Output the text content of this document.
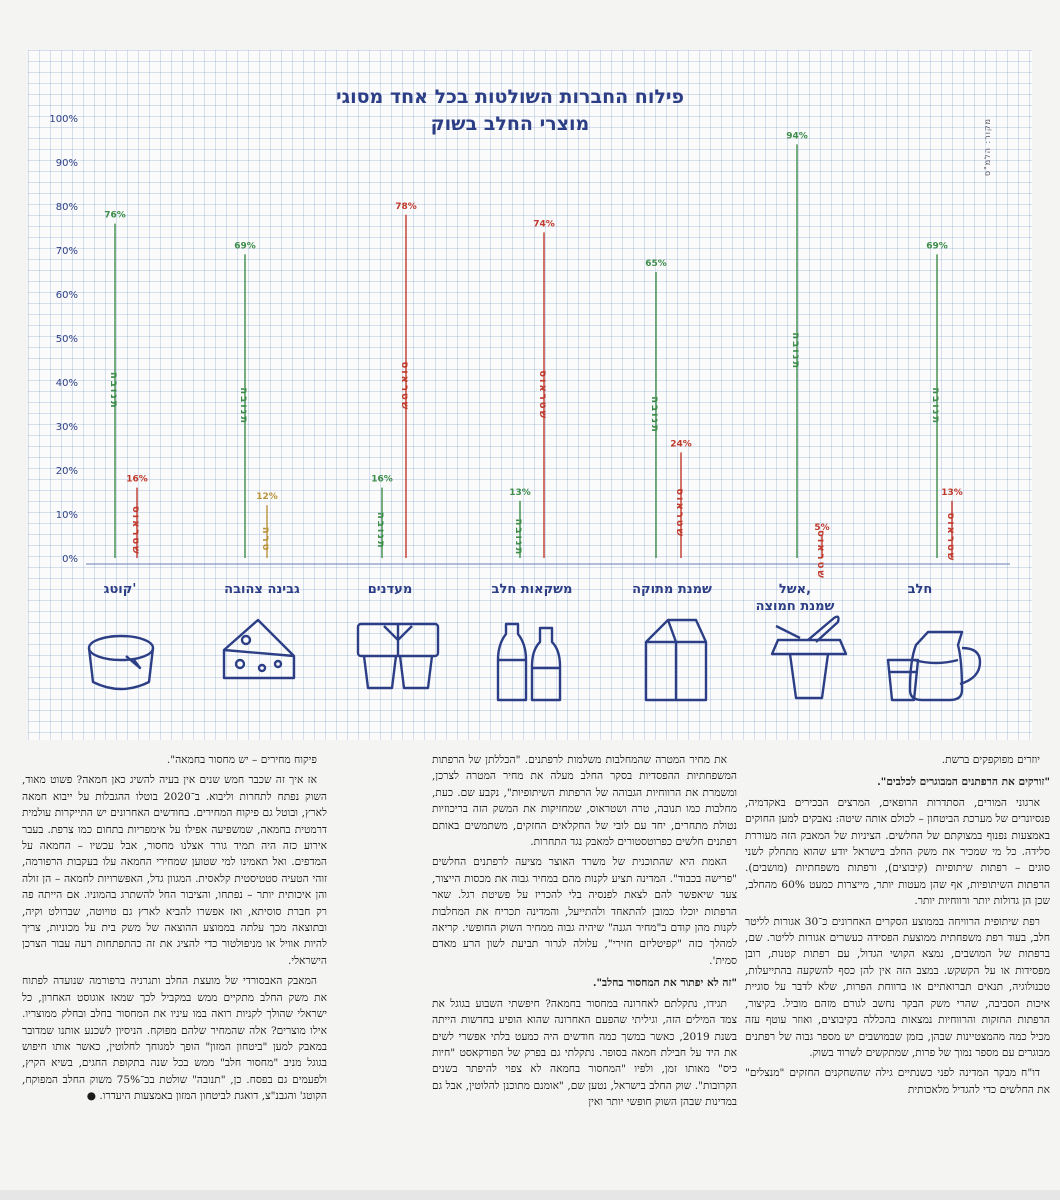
100%
90%
80%
70%
60%
50%
40%
30%
20%
10%
0%
69%
תנובה
13%
שטראוס
חלב
94%
תנובה
5%
שטראוס
אשל, שמנת חמוצה
65%
תנובה
24%
שטראוס
שמנת מתוקה
13%
תנובה
74%
שטראוס
משקאות חלב
16%
תנובה
78%
שטראוס
מעדנים
69%
תנובה
12%
טרה
גבינה צהובה
76%
תנובה
16%
שטראוס
קוטג'
פילוח החברות השולטות בכל אחד מסוגי
מוצרי החלב בשוק	מקור: הלמ"ס

יוזרים מפוקפקים ברשת.

"זורקים את הרפתנים המבוגרים לכלבים".

ארגוני המורים, הסתדרות הרופאים, המרצים הבכירים באקדמיה, פנסיונרים של מערכת הביטחון – לכולם אותה שיטה: נאבקים למען החוקים באמצעות נפנוף במצוקתם של החלשים. הציניות של המאבק הזה מעוררת סלידה. כל מי שמכיר את משק החלב בישראל יודע שהוא מתחלק לשני סוגים – רפתות שיתופיות (קיבוצים), ורפתות משפחתיות (מושבים). הרפתות השיתופיות, אף שהן מעטות יותר, מייצרות כמעט 60% מהחלב, שכן הן גדולות יותר ורווחיות יותר.

רפת שיתופית הרוויחה בממוצע הסקרים האחרונים כ־30 אגורות לליטר חלב, בעוד רפת משפחתית ממוצעת הפסידה כעשרים אגורות לליטר. שם, ברפתות של המושבים, נמצא הקושי הגדול, עם רפתות קטנות, רובן מפסידות או על הקשקש. במצב הזה אין להן כסף להשקעה בהתייעלות, טכנולוגיה, תנאים תברואתיים או ברווחת הפרות, שלא לדבר על סוגיית איכות הסביבה, שהרי משק הבקר נחשב לגורם מזהם מוביל. בקיצור, הרפתות החזקות והרווחיות נמצאות בהכללה בקיבוצים, ואוזר עוטף עזה מכיל כמה מהמצטיינות שבהן, בזמן שבמושבים יש מספר גבוה של רפתנים מבוגרים עם מספר נמוך של פרות, שמתקשים לשרוד בשוק.

דו"ח מבקר המדינה לפני כשנתיים גילה שהשחקנים החזקים "מנצלים" את החלשים כדי להגדיל מלאכותית

את מחיר המטרה שהמחלבות משלמות לרפתנים. "הכללתן של הרפתות המשפחתיות ההפסדיות בסקר החלב מעלה את מחיר המטרה לצרכן, ומשמרת את הרווחיות הגבוהה של הרפתות השיתופיות", נקבע שם. כעת, מחלבות כמו תנובה, טרה ושטראוס, שמחזיקות את המשק הזה בריכוזיות נטולת מתחרים, יחד עם לובי של החקלאים החזקים, משתמשים באותם רפתנים חלשים כפרוטסטורים למאבק נגד התחרות.

האמת היא שהתוכנית של משרד האוצר מציעה לרפתנים החלשים "פרישה בכבוד". המדינה תציע לקנות מהם במחיר גבוה את מכסות הייצור, צעד שיאפשר להם לצאת לפנסיה בלי להכריז על פשיטת רגל. שאר הרפתות יוכלו כמובן להתאחד ולהתייעל, והמדינה תכריח את המחלבות לקנות מהן קודם ב"מחיר הגנה" שיהיה גבוה ממחיר השוק החופשי. קריאה למהלך כזה "קפיטליזם חזירי", עלולה לגרור תביעת לשון הרע מאדם סמית'.

"זה לא יפתור את המחסור בחלב".

תגידו, נתקלתם לאחרונה במחסור בחמאה? חיפשתי השבוע בגוגל את צמד המילים הזה, וגיליתי שהפעם האחרונה שהוא הופיע בחדשות הייתה בשנת 2019, כאשר במשך כמה חודשים היה כמעט בלתי אפשרי לשים את היד על חבילת חמאה בסופר. נתקלתי גם בפרק של הפודקאסט "חיות כיס" מאותו זמן, ולפיו "המחסור בחמאה לא צפוי להיפתר בשנים הקרובות". שוק החלב בישראל, נטען שם, "אומנם מתוכנן להלוטין, אבל גם במדינות שבהן השוק חופשי יותר ואין

פיקוח מחירים – יש מחסור בחמאה".

אז איך זה שכבר חמש שנים אין בעיה להשיג כאן חמאה? פשוט מאוד, השוק נפתח לתחרות וליבוא. ב־2020 בוטלו ההגבלות על ייבוא חמאה לארץ, ובוטל גם פיקוח המחירים. בחודשים האחרונים יש התייקרות עולמית דרמטית בחמאה, שמשפיעה אפילו על אימפריות בתחום כמו צרפת. בעבר אירוע כזה היה תמיד גורר אצלנו מחסור, אבל עכשיו – החמאה על המדפים. ואל תאמינו למי שטוען שמחירי החמאה עלו בעקבות הרפורמה, זוהי הטעיה סטטיסטית קלאסית. המגוון גדל, האפשרויות לחמאה – הן זולה והן איכותית יותר – נפתחו, והציבור החל להשתרג בהמוניו. אם הייתה פה רק חברת סוסיתא, ואז אפשרו להביא לארץ גם טויוטה, שברולט וקיה, ובתוצאה מכך עלתה בממוצע ההוצאה של משק בית על מכוניות, צריך להיות אוויל או מניפולטור כדי להציג את זה כהתפתחות רעה עבור הצרכן הישראלי.

המאבק האבסורדי של מועצת החלב ותגרניה ברפורמה שנועדה לפתוח את משק החלב מתקיים ממש במקביל לכך שמאז אוגוסט האחרון, כל ישראלי שהולך לקניות רואה במו עיניו את המחסור בחלב ובחלק ממוצריו. אילו מוצרים? אלה שהמחיר שלהם מפוקח. הניסיון לשכנע אותנו שמדובר במאבק למען "ביטחון המזון" הופך למגוחך לחלוטין, כאשר אותו חיפוש בגוגל מניב "מחסור חלב" ממש בכל שנה בתקופת החגים, בשיא הקיץ, ולפעמים גם בפסח. כן, "תנובה" שולטת בכ־75% משוק החלב המפוקח, הקוטג' והגבנ"צ, דואגת לביטחון המזון באמצעות היעדרו. ●
